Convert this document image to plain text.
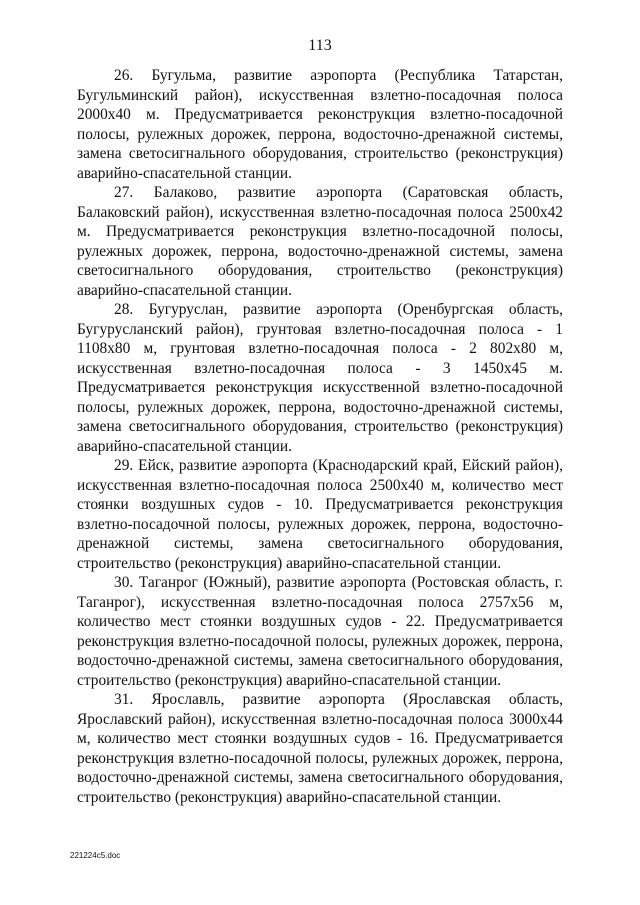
113

26. Бугульма, развитие аэропорта (Республика Татарстан, Бугульминский район), искусственная взлетно-посадочная полоса 2000x40 м. Предусматривается реконструкция взлетно-посадочной полосы, рулежных дорожек, перрона, водосточно-дренажной системы, замена светосигнального оборудования, строительство (реконструкция) аварийно-спасательной станции.

27. Балаково, развитие аэропорта (Саратовская область, Балаковский район), искусственная взлетно-посадочная полоса 2500x42 м. Предусматривается реконструкция взлетно-посадочной полосы, рулежных дорожек, перрона, водосточно-дренажной системы, замена светосигнального оборудования, строительство (реконструкция) аварийно-спасательной станции.

28. Бугуруслан, развитие аэропорта (Оренбургская область, Бугурусланский район), грунтовая взлетно-посадочная полоса - 1 1108x80 м, грунтовая взлетно-посадочная полоса - 2 802x80 м, искусственная взлетно-посадочная полоса - 3 1450x45 м. Предусматривается реконструкция искусственной взлетно-посадочной полосы, рулежных дорожек, перрона, водосточно-дренажной системы, замена светосигнального оборудования, строительство (реконструкция) аварийно-спасательной станции.

29. Ейск, развитие аэропорта (Краснодарский край, Ейский район), искусственная взлетно-посадочная полоса 2500x40 м, количество мест стоянки воздушных судов - 10. Предусматривается реконструкция взлетно-посадочной полосы, рулежных дорожек, перрона, водосточно-дренажной системы, замена светосигнального оборудования, строительство (реконструкция) аварийно-спасательной станции.

30. Таганрог (Южный), развитие аэропорта (Ростовская область, г. Таганрог), искусственная взлетно-посадочная полоса 2757x56 м, количество мест стоянки воздушных судов - 22. Предусматривается реконструкция взлетно-посадочной полосы, рулежных дорожек, перрона, водосточно-дренажной системы, замена светосигнального оборудования, строительство (реконструкция) аварийно-спасательной станции.

31. Ярославль, развитие аэропорта (Ярославская область, Ярославский район), искусственная взлетно-посадочная полоса 3000x44 м, количество мест стоянки воздушных судов - 16. Предусматривается реконструкция взлетно-посадочной полосы, рулежных дорожек, перрона, водосточно-дренажной системы, замена светосигнального оборудования, строительство (реконструкция) аварийно-спасательной станции.

221224c5.doc
